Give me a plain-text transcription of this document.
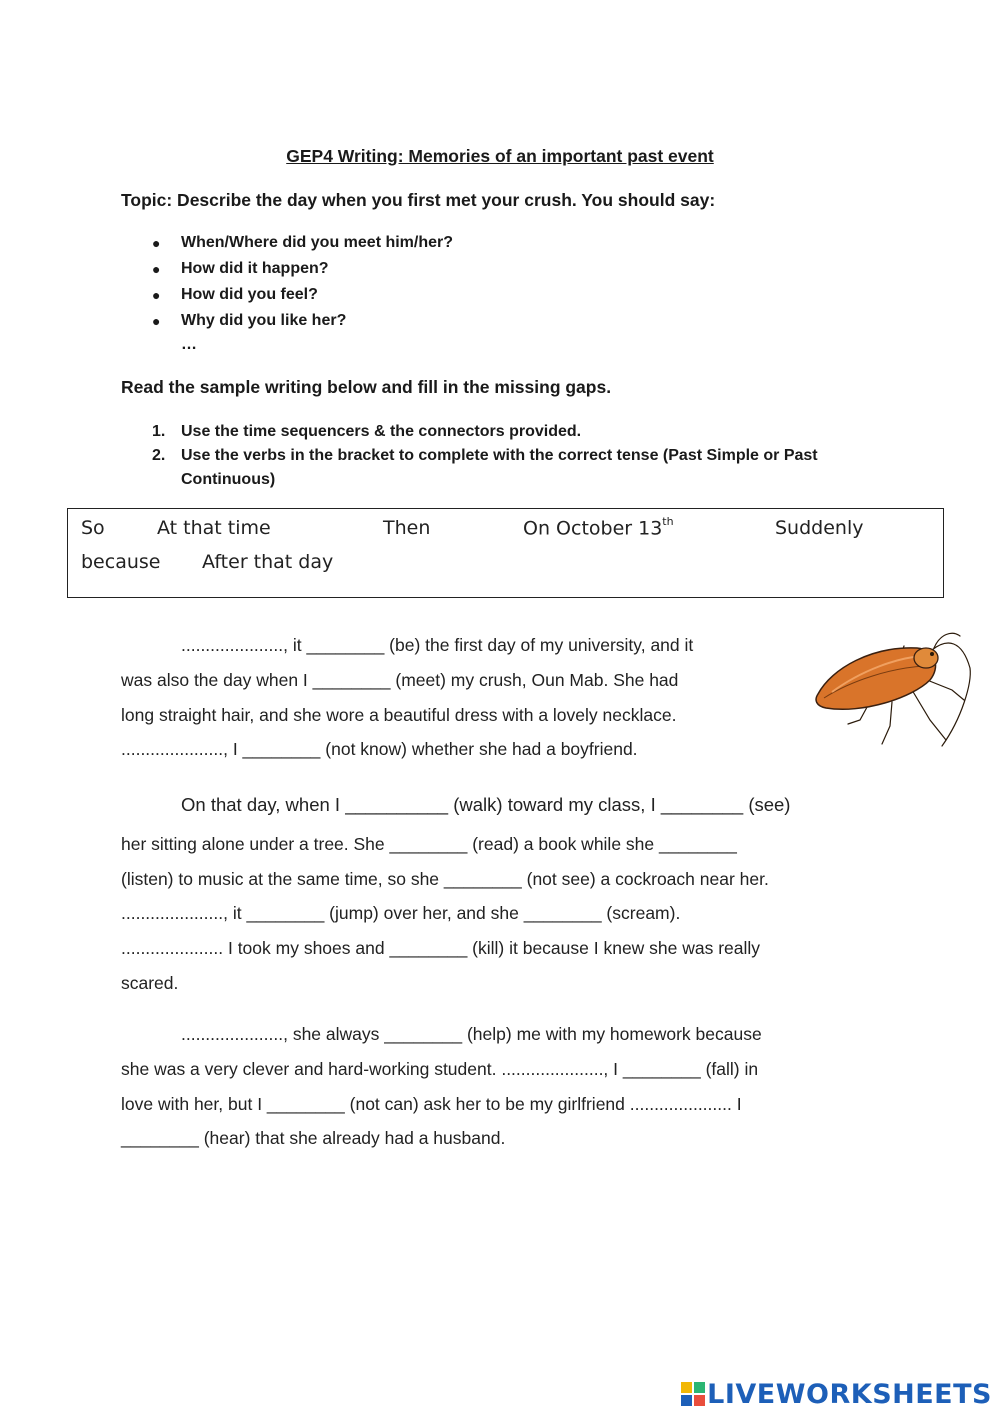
GEP4 Writing: Memories of an important past event
Topic: Describe the day when you first met your crush. You should say:
● When/Where did you meet him/her?
● How did it happen?
● How did you feel?
● Why did you like her?
…
Read the sample writing below and fill in the missing gaps.
1. Use the time sequencers & the connectors provided.
2. Use the verbs in the bracket to complete with the correct tense (Past Simple or Past Continuous)
So	At that time	Then	On October 13th	Suddenly
because After that day
....................., it ________ (be) the first day of my university, and it
was also the day when I ________ (meet) my crush, Oun Mab. She had
long straight hair, and she wore a beautiful dress with a lovely necklace.
....................., I ________ (not know) whether she had a boyfriend.
On that day, when I __________ (walk) toward my class, I ________ (see)
her sitting alone under a tree. She ________ (read) a book while she ________
(listen) to music at the same time, so she ________ (not see) a cockroach near her.
....................., it ________ (jump) over her, and she ________ (scream).
..................... I took my shoes and ________ (kill) it because I knew she was really
scared.
....................., she always ________ (help) me with my homework because
she was a very clever and hard-working student. ....................., I ________ (fall) in
love with her, but I ________ (not can) ask her to be my girlfriend ..................... I
________ (hear) that she already had a husband.
LIVEWORKSHEETS
